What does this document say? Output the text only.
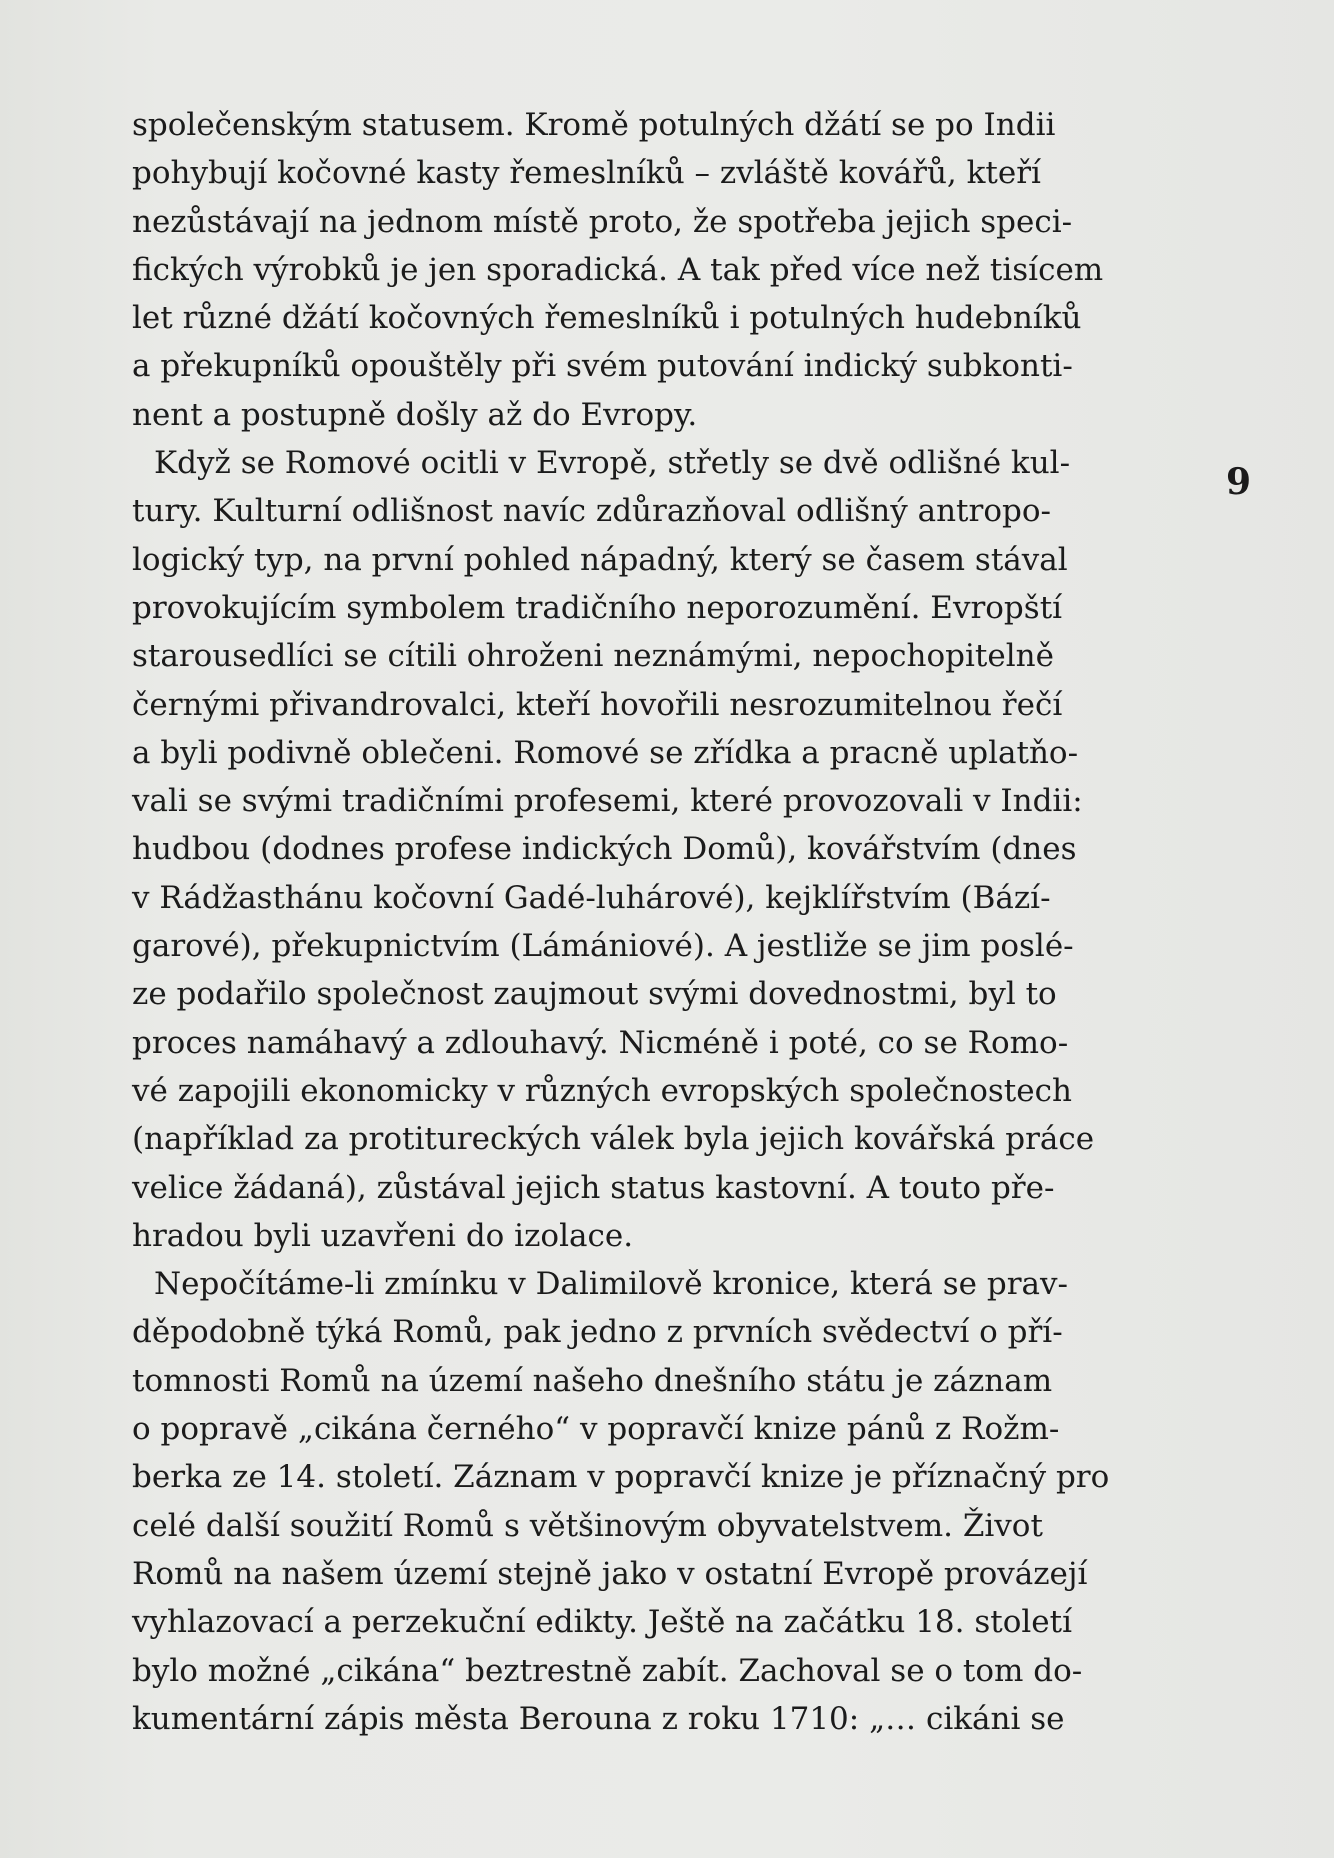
společenským statusem. Kromě potulných džátí se po Indii
pohybují kočovné kasty řemeslníků – zvláště kovářů, kteří
nezůstávají na jednom místě proto, že spotřeba jejich speci-
fických výrobků je jen sporadická. A tak před více než tisícem
let různé džátí kočovných řemeslníků i potulných hudebníků
a překupníků opouštěly při svém putování indický subkonti-
nent a postupně došly až do Evropy.
Když se Romové ocitli v Evropě, střetly se dvě odlišné kul-
tury. Kulturní odlišnost navíc zdůrazňoval odlišný antropo-
logický typ, na první pohled nápadný, který se časem stával
provokujícím symbolem tradičního neporozumění. Evropští
starousedlíci se cítili ohroženi neznámými, nepochopitelně
černými přivandrovalci, kteří hovořili nesrozumitelnou řečí
a byli podivně oblečeni. Romové se zřídka a pracně uplatňo-
vali se svými tradičními profesemi, které provozovali v Indii:
hudbou (dodnes profese indických Domů), kovářstvím (dnes
v Rádžasthánu kočovní Gadé-luhárové), kejklířstvím (Bází-
garové), překupnictvím (Lámániové). A jestliže se jim poslé-
ze podařilo společnost zaujmout svými dovednostmi, byl to
proces namáhavý a zdlouhavý. Nicméně i poté, co se Romo-
vé zapojili ekonomicky v různých evropských společnostech
(například za protitureckých válek byla jejich kovářská práce
velice žádaná), zůstával jejich status kastovní. A touto pře-
hradou byli uzavřeni do izolace.
Nepočítáme-li zmínku v Dalimilově kronice, která se prav-
děpodobně týká Romů, pak jedno z prvních svědectví o pří-
tomnosti Romů na území našeho dnešního státu je záznam
o popravě „cikána černého“ v popravčí knize pánů z Rožm-
berka ze 14. století. Záznam v popravčí knize je příznačný pro
celé další soužití Romů s většinovým obyvatelstvem. Život
Romů na našem území stejně jako v ostatní Evropě provázejí
vyhlazovací a perzekuční edikty. Ještě na začátku 18. století
bylo možné „cikána“ beztrestně zabít. Zachoval se o tom do-
kumentární zápis města Berouna z roku 1710: „… cikáni se
9
